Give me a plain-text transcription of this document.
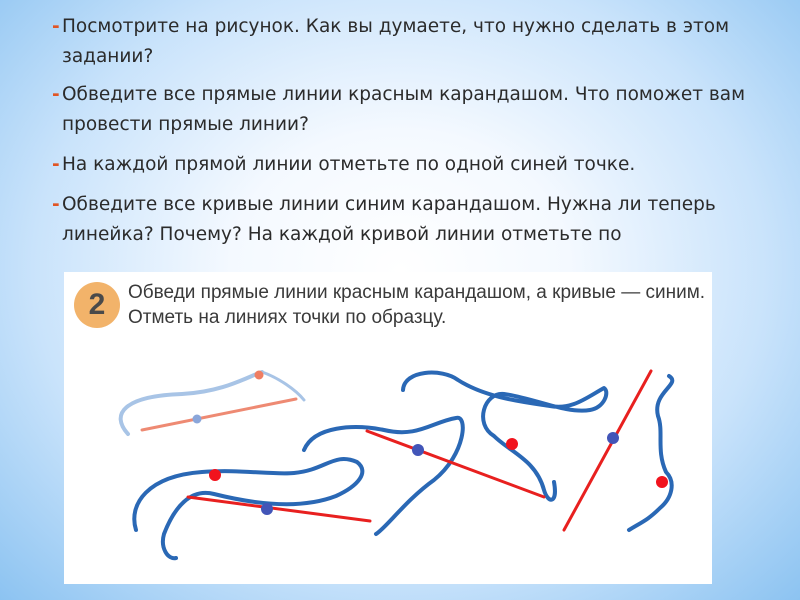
- Посмотрите на рисунок. Как вы думаете, что нужно сделать в этом задании?
- Обведите все прямые линии красным карандашом. Что поможет вам провести прямые линии?
- На каждой прямой линии отметьте по одной синей точке.
- Обведите все кривые линии синим карандашом. Нужна ли теперь линейка? Почему? На каждой кривой линии отметьте по
2	Обведи прямые линии красным карандашом, а кривые — синим. Отметь на линиях точки по образцу.
